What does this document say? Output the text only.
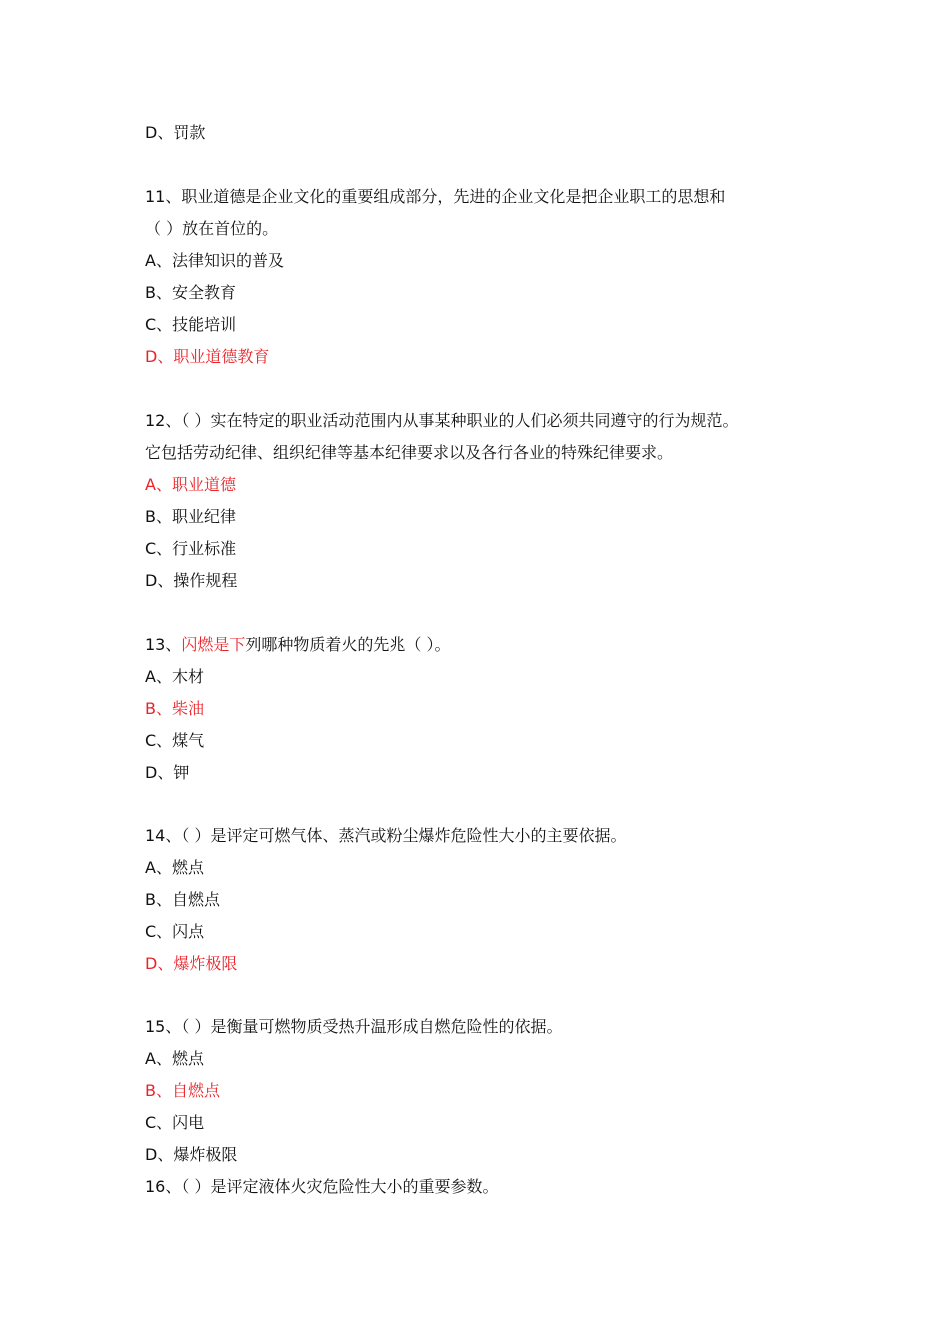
D、罚款
11、职业道德是企业文化的重要组成部分，先进的企业文化是把企业职工的思想和
（ ）放在首位的。
A、法律知识的普及
B、安全教育
C、技能培训
D、职业道德教育
12、（ ）实在特定的职业活动范围内从事某种职业的人们必须共同遵守的行为规范。
它包括劳动纪律、组织纪律等基本纪律要求以及各行各业的特殊纪律要求。
A、职业道德
B、职业纪律
C、行业标准
D、操作规程
13、闪燃是下列哪种物质着火的先兆（ ）。
A、木材
B、柴油
C、煤气
D、钾
14、（ ）是评定可燃气体、蒸汽或粉尘爆炸危险性大小的主要依据。
A、燃点
B、自燃点
C、闪点
D、爆炸极限
15、（ ）是衡量可燃物质受热升温形成自燃危险性的依据。
A、燃点
B、自燃点
C、闪电
D、爆炸极限
16、（ ）是评定液体火灾危险性大小的重要参数。
